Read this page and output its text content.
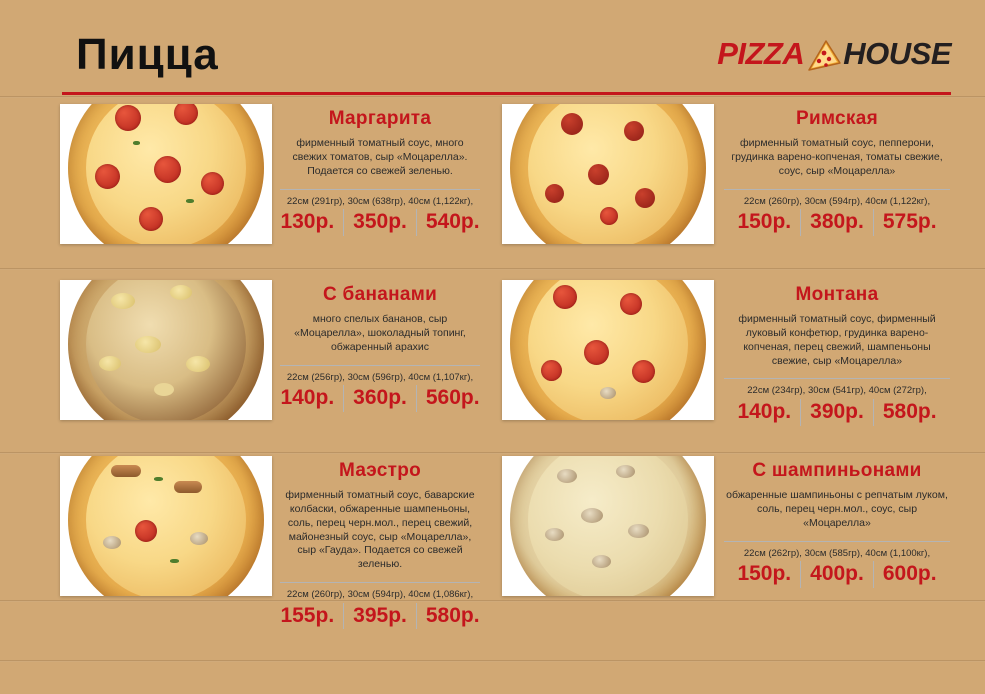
Пицца	PIZZA HOUSE
Маргарита
фирменный томатный соус, много свежих томатов, сыр «Моцарелла». Подается со свежей зеленью.
22см (291гр), 30см (638гр), 40см (1,122кг),
130р. 350р. 540р.
Римская
фирменный томатный соус, пепперони, грудинка варено-копченая, томаты свежие, соус, сыр «Моцарелла»
22см (260гр), 30см (594гр), 40см (1,122кг),
150р. 380р. 575р.
С бананами
много спелых бананов, сыр «Моцарелла», шоколадный топинг, обжаренный арахис
22см (256гр), 30см (596гр), 40см (1,107кг),
140р. 360р. 560р.
Монтана
фирменный томатный соус, фирменный луковый конфетюр, грудинка варено-копченая, перец свежий, шампеньоны свежие, сыр «Моцарелла»
22см (234гр), 30см (541гр), 40см (272гр),
140р. 390р. 580р.
Маэстро
фирменный томатный соус, баварские колбаски, обжаренные шампеньоны, соль, перец черн.мол., перец свежий, майонезный соус, сыр «Моцарелла», сыр «Гауда». Подается со свежей зеленью.
22см (260гр), 30см (594гр), 40см (1,086кг),
155р. 395р. 580р.
С шампиньонами
обжаренные шампиньоны с репчатым луком, соль, перец черн.мол., соус, сыр «Моцарелла»
22см (262гр), 30см (585гр), 40см (1,100кг),
150р. 400р. 600р.
